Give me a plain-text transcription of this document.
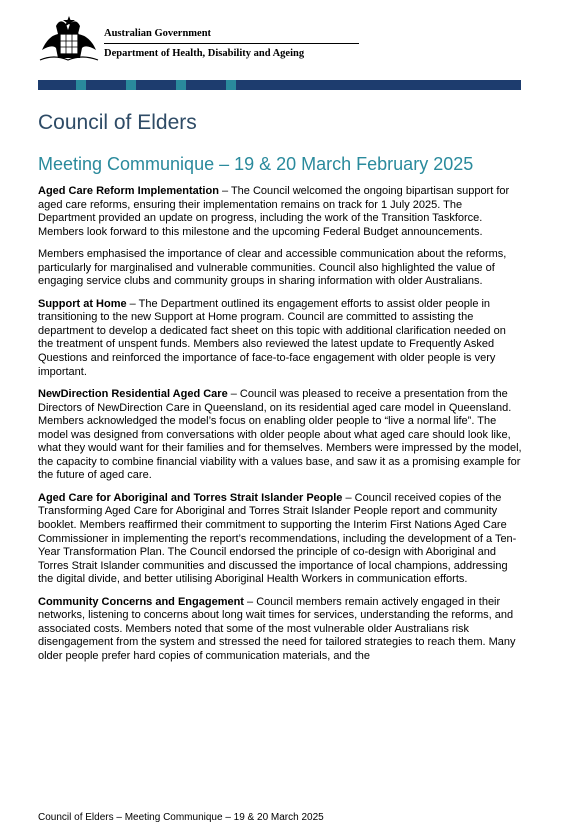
Australian Government
Department of Health, Disability and Ageing
Council of Elders
Meeting Communique – 19 & 20 March February 2025

Aged Care Reform Implementation – The Council welcomed the ongoing bipartisan support for aged care reforms, ensuring their implementation remains on track for 1 July 2025. The Department provided an update on progress, including the work of the Transition Taskforce. Members look forward to this milestone and the upcoming Federal Budget announcements.

Members emphasised the importance of clear and accessible communication about the reforms, particularly for marginalised and vulnerable communities. Council also highlighted the value of engaging service clubs and community groups in sharing information with older Australians.

Support at Home – The Department outlined its engagement efforts to assist older people in transitioning to the new Support at Home program. Council are committed to assisting the department to develop a dedicated fact sheet on this topic with additional clarification needed on the treatment of unspent funds. Members also reviewed the latest update to Frequently Asked Questions and reinforced the importance of face-to-face engagement with older people is very important.

NewDirection Residential Aged Care – Council was pleased to receive a presentation from the Directors of NewDirection Care in Queensland, on its residential aged care model in Queensland. Members acknowledged the model’s focus on enabling older people to “live a normal life”. The model was designed from conversations with older people about what aged care should look like, what they would want for their families and for themselves. Members were impressed by the model, the capacity to combine financial viability with a values base, and saw it as a promising example for the future of aged care.

Aged Care for Aboriginal and Torres Strait Islander People – Council received copies of the Transforming Aged Care for Aboriginal and Torres Strait Islander People report and community booklet. Members reaffirmed their commitment to supporting the Interim First Nations Aged Care Commissioner in implementing the report’s recommendations, including the development of a Ten-Year Transformation Plan. The Council endorsed the principle of co-design with Aboriginal and Torres Strait Islander communities and discussed the importance of local champions, addressing the digital divide, and better utilising Aboriginal Health Workers in communication efforts.

Community Concerns and Engagement – Council members remain actively engaged in their networks, listening to concerns about long wait times for services, understanding the reforms, and associated costs. Members noted that some of the most vulnerable older Australians risk disengagement from the system and stressed the need for tailored strategies to reach them. Many older people prefer hard copies of communication materials, and the

Council of Elders – Meeting Communique – 19 & 20 March 2025
